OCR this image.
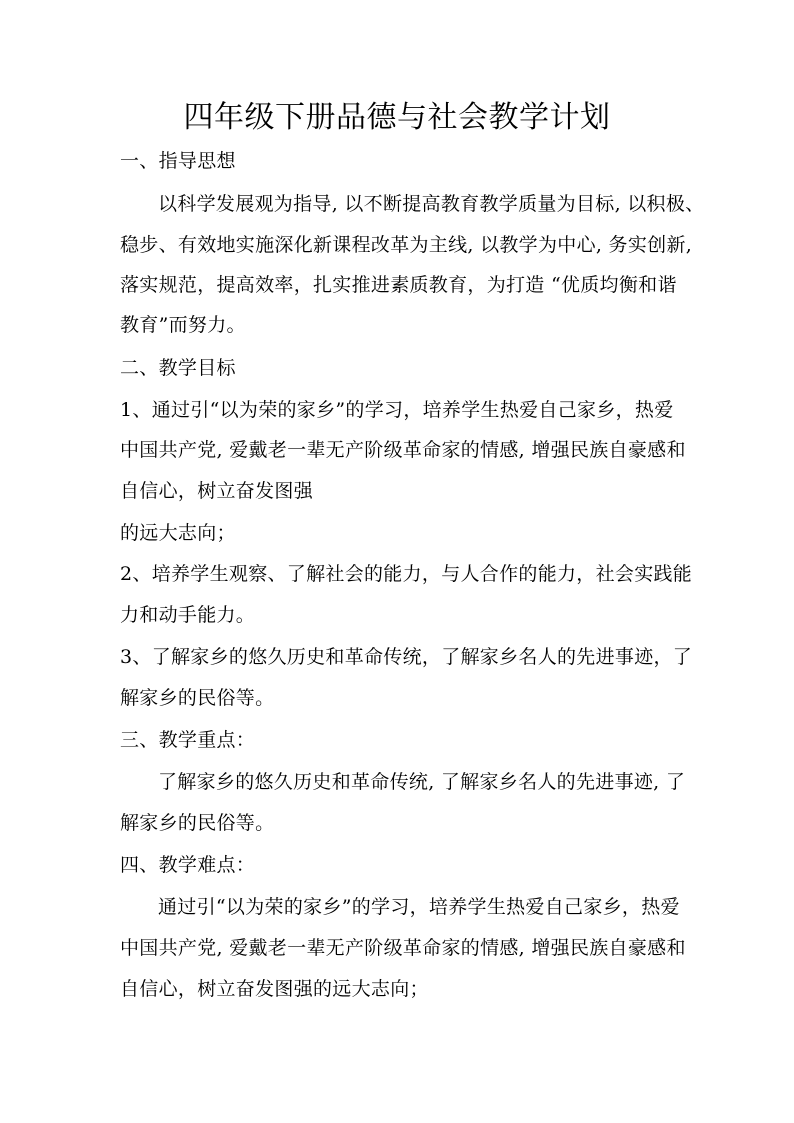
四年级下册品德与社会教学计划
一、指导思想
以科学发展观为指导, 以不断提高教育教学质量为目标, 以积极、
稳步、有效地实施深化新课程改革为主线, 以教学为中心, 务实创新,
落实规范，提高效率，扎实推进素质教育，为打造 “优质均衡和谐
教育”而努力。
二、教学目标
1、通过引“以为荣的家乡”的学习，培养学生热爱自己家乡，热爱
中国共产党, 爱戴老一辈无产阶级革命家的情感, 增强民族自豪感和
自信心，树立奋发图强
的远大志向；
2、培养学生观察、了解社会的能力，与人合作的能力，社会实践能
力和动手能力。
3、了解家乡的悠久历史和革命传统，了解家乡名人的先进事迹，了
解家乡的民俗等。
三、教学重点：
了解家乡的悠久历史和革命传统, 了解家乡名人的先进事迹, 了
解家乡的民俗等。
四、教学难点：
通过引“以为荣的家乡”的学习，培养学生热爱自己家乡，热爱
中国共产党, 爱戴老一辈无产阶级革命家的情感, 增强民族自豪感和
自信心，树立奋发图强的远大志向；
